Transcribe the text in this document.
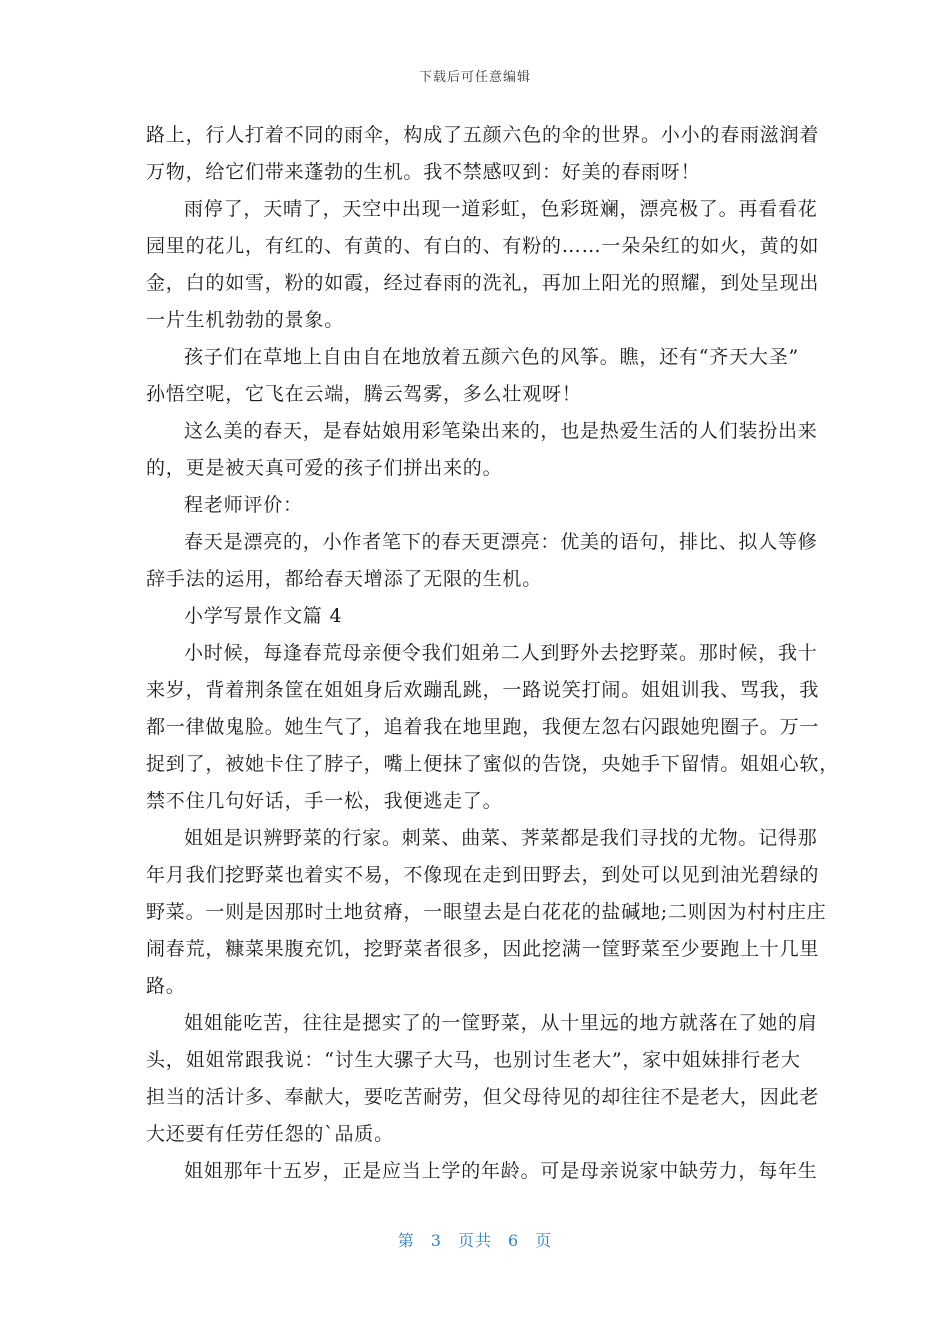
下载后可任意编辑
路上，行人打着不同的雨伞，构成了五颜六色的伞的世界。小小的春雨滋润着
万物，给它们带来蓬勃的生机。我不禁感叹到：好美的春雨呀！
雨停了，天晴了，天空中出现一道彩虹，色彩斑斓，漂亮极了。再看看花
园里的花儿，有红的、有黄的、有白的、有粉的……一朵朵红的如火，黄的如
金，白的如雪，粉的如霞，经过春雨的洗礼，再加上阳光的照耀，到处呈现出
一片生机勃勃的景象。
孩子们在草地上自由自在地放着五颜六色的风筝。瞧，还有“齐天大圣”
孙悟空呢，它飞在云端，腾云驾雾，多么壮观呀！
这么美的春天，是春姑娘用彩笔染出来的，也是热爱生活的人们装扮出来
的，更是被天真可爱的孩子们拼出来的。
程老师评价：
春天是漂亮的，小作者笔下的春天更漂亮：优美的语句，排比、拟人等修
辞手法的运用，都给春天增添了无限的生机。
小学写景作文篇 4
小时候，每逢春荒母亲便令我们姐弟二人到野外去挖野菜。那时候，我十
来岁，背着荆条筐在姐姐身后欢蹦乱跳，一路说笑打闹。姐姐训我、骂我，我
都一律做鬼脸。她生气了，追着我在地里跑，我便左忽右闪跟她兜圈子。万一
捉到了，被她卡住了脖子，嘴上便抹了蜜似的告饶，央她手下留情。姐姐心软，
禁不住几句好话，手一松，我便逃走了。
姐姐是识辨野菜的行家。刺菜、曲菜、荠菜都是我们寻找的尤物。记得那
年月我们挖野菜也着实不易，不像现在走到田野去，到处可以见到油光碧绿的
野菜。一则是因那时土地贫瘠，一眼望去是白花花的盐碱地;二则因为村村庄庄
闹春荒，糠菜果腹充饥，挖野菜者很多，因此挖满一筐野菜至少要跑上十几里
路。
姐姐能吃苦，往往是摁实了的一筐野菜，从十里远的地方就落在了她的肩
头，姐姐常跟我说：“讨生大骡子大马，也别讨生老大”，家中姐妹排行老大
担当的活计多、奉献大，要吃苦耐劳，但父母待见的却往往不是老大，因此老
大还要有任劳任怨的`品质。
姐姐那年十五岁，正是应当上学的年龄。可是母亲说家中缺劳力，每年生
第 3 页共 6 页
